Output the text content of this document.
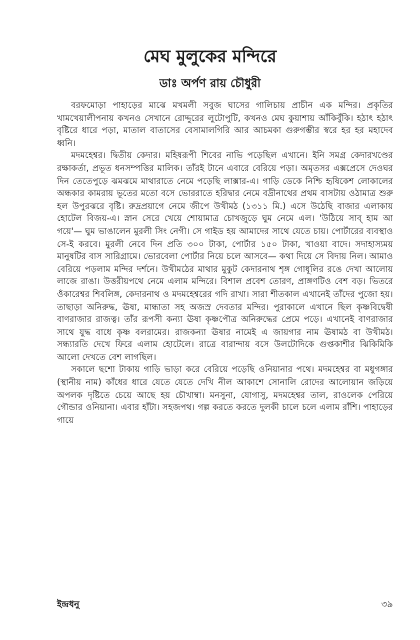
মেঘ মুলুকের মন্দিরে
ডাঃ অর্পণ রায় চৌধুরী

বরফমোড়া পাহাড়ের মাঝে মখমলী সবুজ ঘাসের গালিচায় প্রাচীন এক মন্দির। প্রকৃতির খামখেয়ালীপনায় কখনও সেখানে রোদ্দুরের লুটোপুটি, কখনও মেঘ কুয়াশায় আঁকিবুঁকি। হঠাৎ হঠাৎ বৃষ্টিরে ধারে পড়া, মাতাল বাতাসের বেসামালগিরি আর আচমকা গুরুগম্ভীর স্বরে হর হর মহাদেব ধ্বনি।

মদমহেশ্বর। দ্বিতীয় কেদার। মহিষরূপী শিবের নাভি পড়েছিল এখানে। ইনি সমগ্র কেদারখণ্ডের রক্ষাকর্তা, প্রভূত ধনসম্পত্তির মালিক। তাঁরই টানে এবারে বেরিয়ে পড়া। অমৃতসর এক্সপ্রেসে দেওঘর দিন তেতেপুড়ে ঝমঝমে মাথারাতে নেমে পড়েছি লাক্সার-এ। গাড়ি ডেকে নিশ্চি হৃষিকেশ লোকালের অন্ধকার কামরায় ভূতের মতো বসে ভোররাতে হরিদ্বার নেমে বদ্রীনাথের প্রথম বাসটায় ওঠামাত্র শুরু হল উপুরঝরে বৃষ্টি। রুদ্রপ্রয়াগে নেমে জীপে উখীমঠ (১৩১১ মি.) এসে উঠেছি বাজার এলাকায় হোটেল বিজয়-এ। স্নান সেরে খেয়ে শোয়ামাত্র চোখজুড়ে ঘুম নেমে এল। 'উঠিয়ে সাব্ হাম আ গয়ে'— ঘুম ভাঙালেন মুরলী সিং নেগী। সে গাইড হয় আমাদের সাথে যেতে চায়। পোর্টারের ব্যবস্থাও সে-ই করবে। মুরলী নেবে দিন প্রতি ৩০০ টাকা, পোর্টার ১৫০ টাকা, খাওয়া বাদে। সদাহাস্যময় মানুষটির বাস সারিগ্রামে। ভোরবেলা পোর্টার নিয়ে চলে আসবে— কথা দিয়ে সে বিদায় নিল। আমাও বেরিয়ে পড়লাম মন্দির দর্শনে। উখীমঠের মাথার মুকুট কেদারনাথ শৃঙ্গ গোধূলির রঙে দেখা আলোয় লাজে রাঙা। উত্তরীয়পথে নেমে এলাম মন্দিরে। বিশাল প্রবেশ তোরণ, প্রাঙ্গণটিও বেশ বড়। ভিতরে ওঁকারেশ্বর শিবলিঙ্গ, কেদারনাথ ও মদমহেশ্বরের গদি রাখা। সারা শীতকাল এখানেই তাঁদের পুজো হয়। তাছাড়া অনিরুদ্ধ, ঊষা, মান্ধাতা সহ অজস্র দেবতার মন্দির। পুরাকালে এখানে ছিল কৃষ্ণবিদ্বেষী বাণরাজার রাজত্ব। তাঁর রূপসী কন্যা ঊষা কৃষ্ণপৌত্র অনিরুদ্ধের প্রেমে পড়ে। এখানেই বাণরাজার সাথে যুদ্ধ বাধে কৃষ্ণ বলরামের। রাজকন্যা ঊষার নামেই এ জায়গার নাম ঊষামঠ বা উখীমঠ। সন্ধ্যারতি দেখে ফিরে এলাম হোটেলে। রাত্রে বারান্দায় বসে উলটোদিকে গুপ্তকাশীর ঝিকিমিকি আলো দেখতে বেশ লাগছিল।

সকালে ছশো টাকায় গাড়ি ভাড়া করে বেরিয়ে পড়েছি ওনিয়ানার পথে। মদমহেশ্বর বা মধুগঙ্গার (স্থানীয় নাম) কাঁধের ধারে যেতে যেতে দেখি নীল আকাশে সোনালি রোদের আলোয়ান জড়িয়ে অপলক দৃষ্টিতে চেয়ে আছে হয় চৌখাম্বা। মনসুনা, যোগাসু, মদমহেশ্বর তাল, রাওলেক পেরিয়ে গৌন্ডার ওনিয়ানা। এবার হাঁটা। সহজপথ। গল্প করতে করতে দুলকী চালে চলে এলাম রাঁশি। পাহাড়ের গায়ে

ইন্দ্রধনু	৩৯
